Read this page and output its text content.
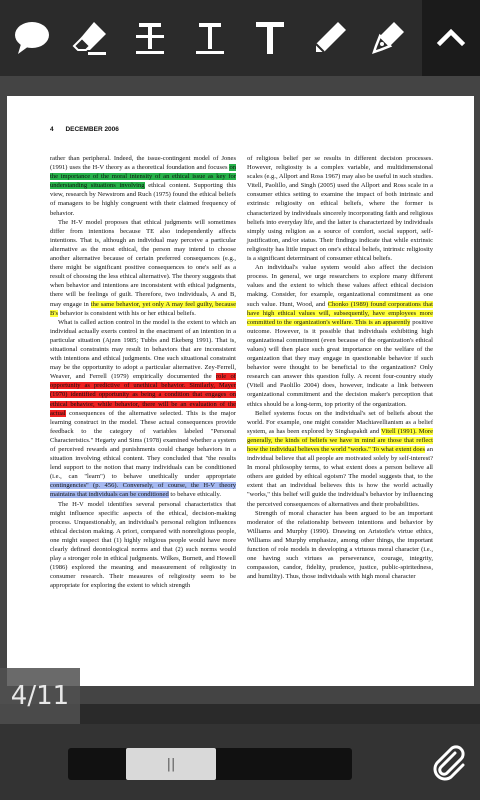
4 DECEMBER 2006

rather than peripheral. Indeed, the issue-contingent model of Jones (1991) uses the H-V theory as a theoretical foundation and focuses on the importance of the moral intensity of an ethical issue as key for understanding situations involving ethical content. Supporting this view, research by Newstrom and Ruch (1975) found the ethical beliefs of managers to be highly congruent with their claimed frequency of behavior.

The H-V model proposes that ethical judgments will sometimes differ from intentions because TE also independently affects intentions. That is, although an individual may perceive a particular alternative as the most ethical, the person may intend to choose another alternative because of certain preferred consequences (e.g., there might be significant positive consequences to one's self as a result of choosing the less ethical alternative). The theory suggests that when behavior and intentions are inconsistent with ethical judgments, there will be feelings of guilt. Therefore, two individuals, A and B, may engage in the same behavior, yet only A may feel guilty, because B's behavior is consistent with his or her ethical beliefs.

What is called action control in the model is the extent to which an individual actually exerts control in the enactment of an intention in a particular situation (Ajzen 1985; Tubbs and Ekeberg 1991). That is, situational constraints may result in behaviors that are inconsistent with intentions and ethical judgments. One such situational constraint may be the opportunity to adopt a particular alternative. Zey-Ferrell, Weaver, and Ferrell (1979) empirically documented the role of opportunity as predictive of unethical behavior. Similarly, Mayer (1970) identified opportunity as being a condition that engages on ethical behavior, while behavior, there will be an evaluation of the actual consequences of the alternative selected. This is the major learning construct in the model. These actual consequences provide feedback to the category of variables labeled "Personal Characteristics." Hegarty and Sims (1978) examined whether a system of perceived rewards and punishments could change behaviors in a situation involving ethical content. They concluded that "the results lend support to the notion that many individuals can be conditioned (i.e., can "learn") to behave unethically under appropriate contingencies" (p. 456). Conversely, of course, the H-V theory maintains that individuals can be conditioned to behave ethically.

The H-V model identifies several personal characteristics that might influence specific aspects of the ethical, decision-making process. Unquestionably, an individual's personal religion influences ethical decision making. A priori, compared with nonreligious people, one might suspect that (1) highly religious people would have more clearly defined deontological norms and that (2) such norms would play a stronger role in ethical judgments. Wilkes, Burnett, and Howell (1986) explored the meaning and measurement of religiosity in consumer research. Their measures of religiosity seem to be appropriate for exploring the extent to which strength

of religious belief per se results in different decision processes. However, religiosity is a complex variable, and multidimensional scales (e.g., Allport and Ross 1967) may also be useful in such studies. Vitell, Paolillo, and Singh (2005) used the Allport and Ross scale in a consumer ethics setting to examine the impact of both intrinsic and extrinsic religiosity on ethical beliefs, where the former is characterized by individuals sincerely incorporating faith and religious beliefs into everyday life, and the latter is characterized by individuals simply using religion as a source of comfort, social support, self-justification, and/or status. Their findings indicate that while extrinsic religiosity has little impact on one's ethical beliefs, intrinsic religiosity is a significant determinant of consumer ethical beliefs.

An individual's value system would also affect the decision process. In general, we urge researchers to explore many different values and the extent to which these values affect ethical decision making. Consider, for example, organizational commitment as one such value. Hunt, Wood, and Chonko (1989) found corporations that have high ethical values will, subsequently, have employees more committed to the organization's welfare. This is an apparently positive outcome. However, is it possible that individuals exhibiting high organizational commitment (even because of the organization's ethical values) will then place such great importance on the welfare of the organization that they may engage in questionable behavior if such behavior were thought to be beneficial to the organization? Only research can answer this question fully. A recent four-country study (Vitell and Paolillo 2004) does, however, indicate a link between organizational commitment and the decision maker's perception that ethics should be a long-term, top priority of the organization.

Belief systems focus on the individual's set of beliefs about the world. For example, one might consider Machiavellianism as a belief system, as has been explored by Singhapakdi and Vitell (1991). More generally, the kinds of beliefs we have in mind are those that reflect how the individual believes the world "works." To what extent does an individual believe that all people are motivated solely by self-interest? In moral philosophy terms, to what extent does a person believe all others are guided by ethical egoism? The model suggests that, to the extent that an individual believes this is how the world actually "works," this belief will guide the individual's behavior by influencing the perceived consequences of alternatives and their probabilities.

Strength of moral character has been argued to be an important moderator of the relationship between intentions and behavior by Williams and Murphy (1990). Drawing on Aristotle's virtue ethics, Williams and Murphy emphasize, among other things, the important function of role models in developing a virtuous moral character (i.e., one having such virtues as perseverance, courage, integrity, compassion, candor, fidelity, prudence, justice, public-spiritedness, and humility). Thus, those individuals with high moral character

4/11
||
